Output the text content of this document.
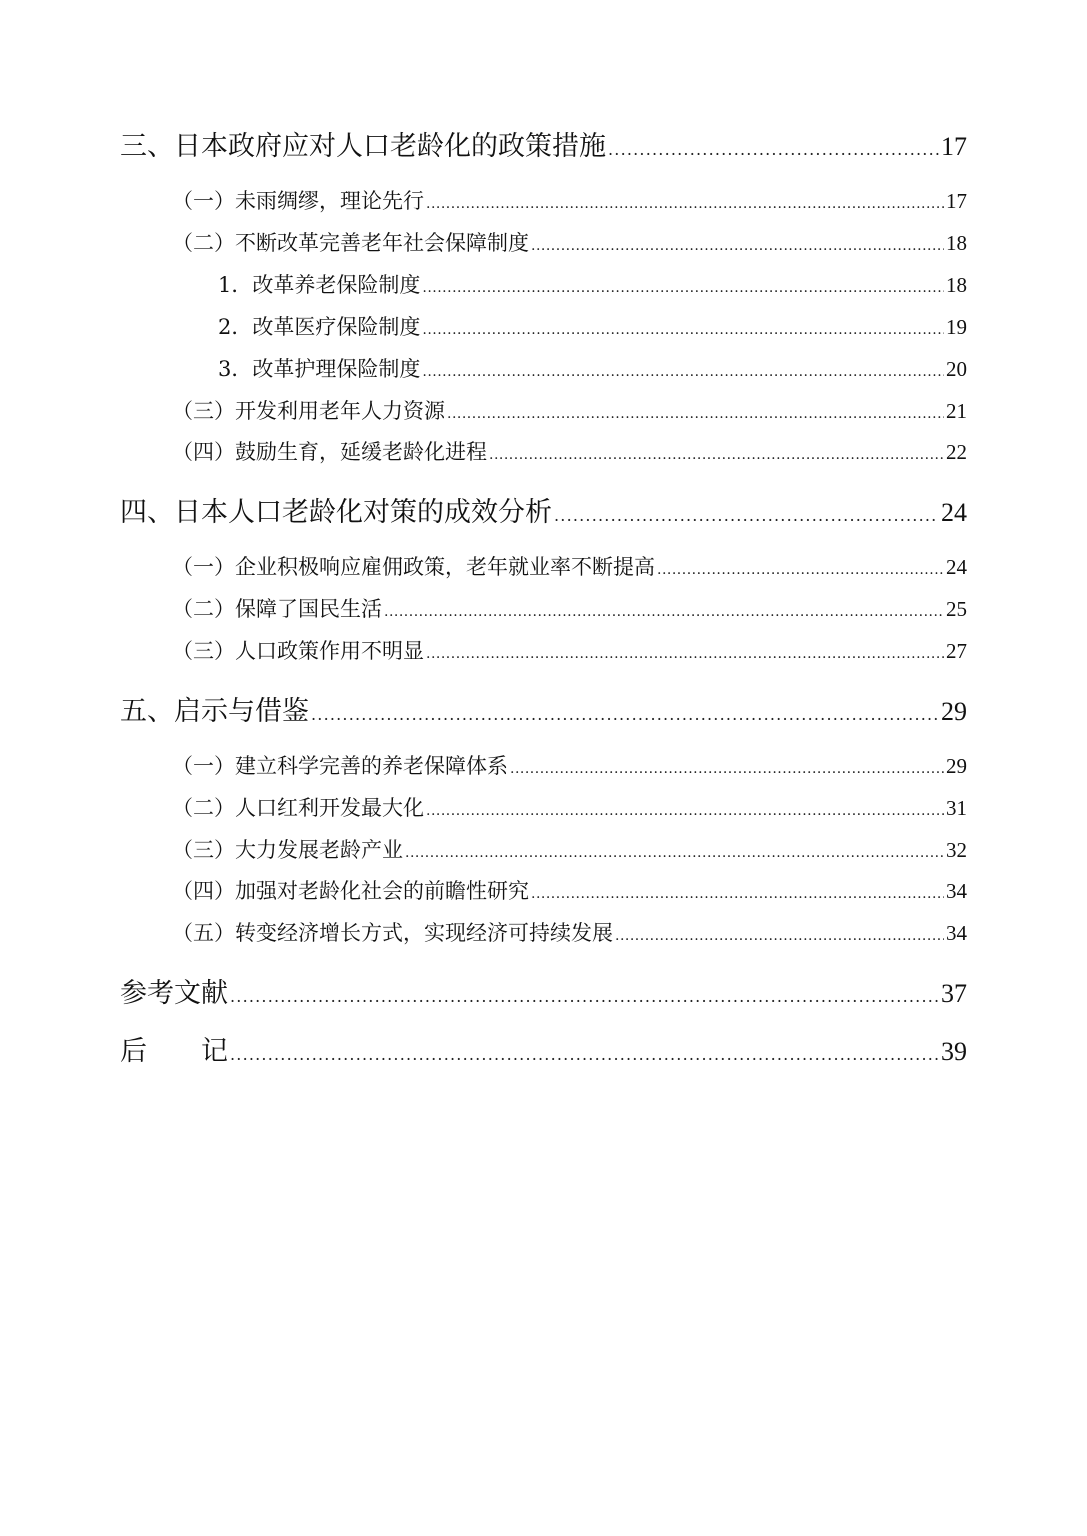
三、日本政府应对人口老龄化的政策措施 .....	17
（一）未雨绸缪，理论先行 .....	17
（二）不断改革完善老年社会保障制度 .....	18
1．改革养老保险制度 .....	18
2．改革医疗保险制度 .....	19
3．改革护理保险制度 .....	20
（三）开发利用老年人力资源 .....	21
（四）鼓励生育，延缓老龄化进程 .....	22
四、日本人口老龄化对策的成效分析 .....	24
（一）企业积极响应雇佣政策，老年就业率不断提高 .....	24
（二）保障了国民生活 .....	25
（三）人口政策作用不明显 .....	27
五、启示与借鉴 .....	29
（一）建立科学完善的养老保障体系 .....	29
（二）人口红利开发最大化 .....	31
（三）大力发展老龄产业 .....	32
（四）加强对老龄化社会的前瞻性研究 .....	34
（五）转变经济增长方式，实现经济可持续发展 .....	34
参考文献 .....	37
后　　记 .....	39
